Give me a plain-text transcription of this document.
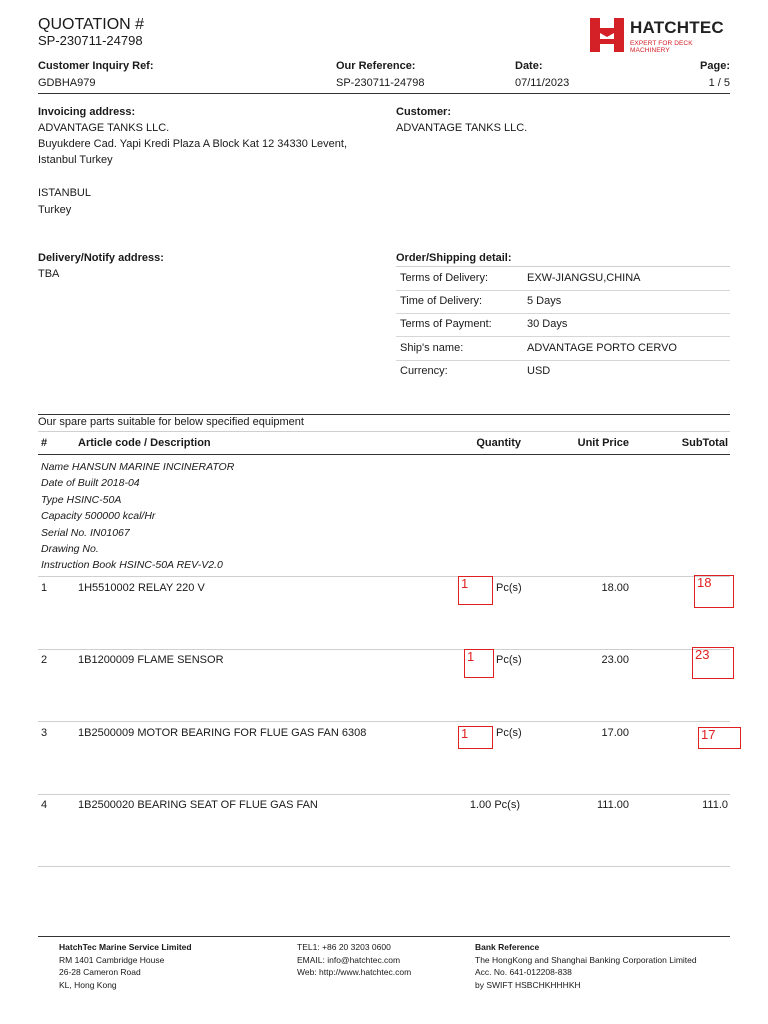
QUOTATION #
SP-230711-24798
HATCHTEC
EXPERT FOR DECK MACHINERY
Customer Inquiry Ref:
GDBHA979
Our Reference:
SP-230711-24798
Date:
07/11/2023
Page:
1 / 5
Invoicing address:
ADVANTAGE TANKS LLC.
Buyukdere Cad. Yapi Kredi Plaza A Block Kat 12 34330 Levent,
Istanbul Turkey
ISTANBUL
Turkey
Customer:
ADVANTAGE TANKS LLC.
Delivery/Notify address:
TBA
Order/Shipping detail:
Terms of Delivery:	EXW-JIANGSU,CHINA
Time of Delivery:	5 Days
Terms of Payment:	30 Days
Ship's name:	ADVANTAGE PORTO CERVO
Currency:	USD
Our spare parts suitable for below specified equipment
#	Article code / Description	Quantity	Unit Price	SubTotal
Name HANSUN MARINE INCINERATOR
Date of Built 2018-04
Type HSINC-50A
Capacity 500000 kcal/Hr
Serial No. IN01067
Drawing No.
Instruction Book HSINC-50A REV-V2.0
1	1H5510002 RELAY 220 V	1	Pc(s)	18.00	18
2	1B1200009 FLAME SENSOR	1	Pc(s)	23.00	23
3	1B2500009 MOTOR BEARING FOR FLUE GAS FAN 6308	1	Pc(s)	17.00	17
4	1B2500020 BEARING SEAT OF FLUE GAS FAN	1.00 Pc(s)	111.00	111.0
HatchTec Marine Service Limited
RM 1401 Cambridge House
26-28 Cameron Road
KL, Hong Kong
TEL1: +86 20 3203 0600
EMAIL: info@hatchtec.com
Web: http://www.hatchtec.com
Bank Reference
The HongKong and Shanghai Banking Corporation Limited
Acc. No. 641-012208-838
by SWIFT HSBCHKHHHKH
